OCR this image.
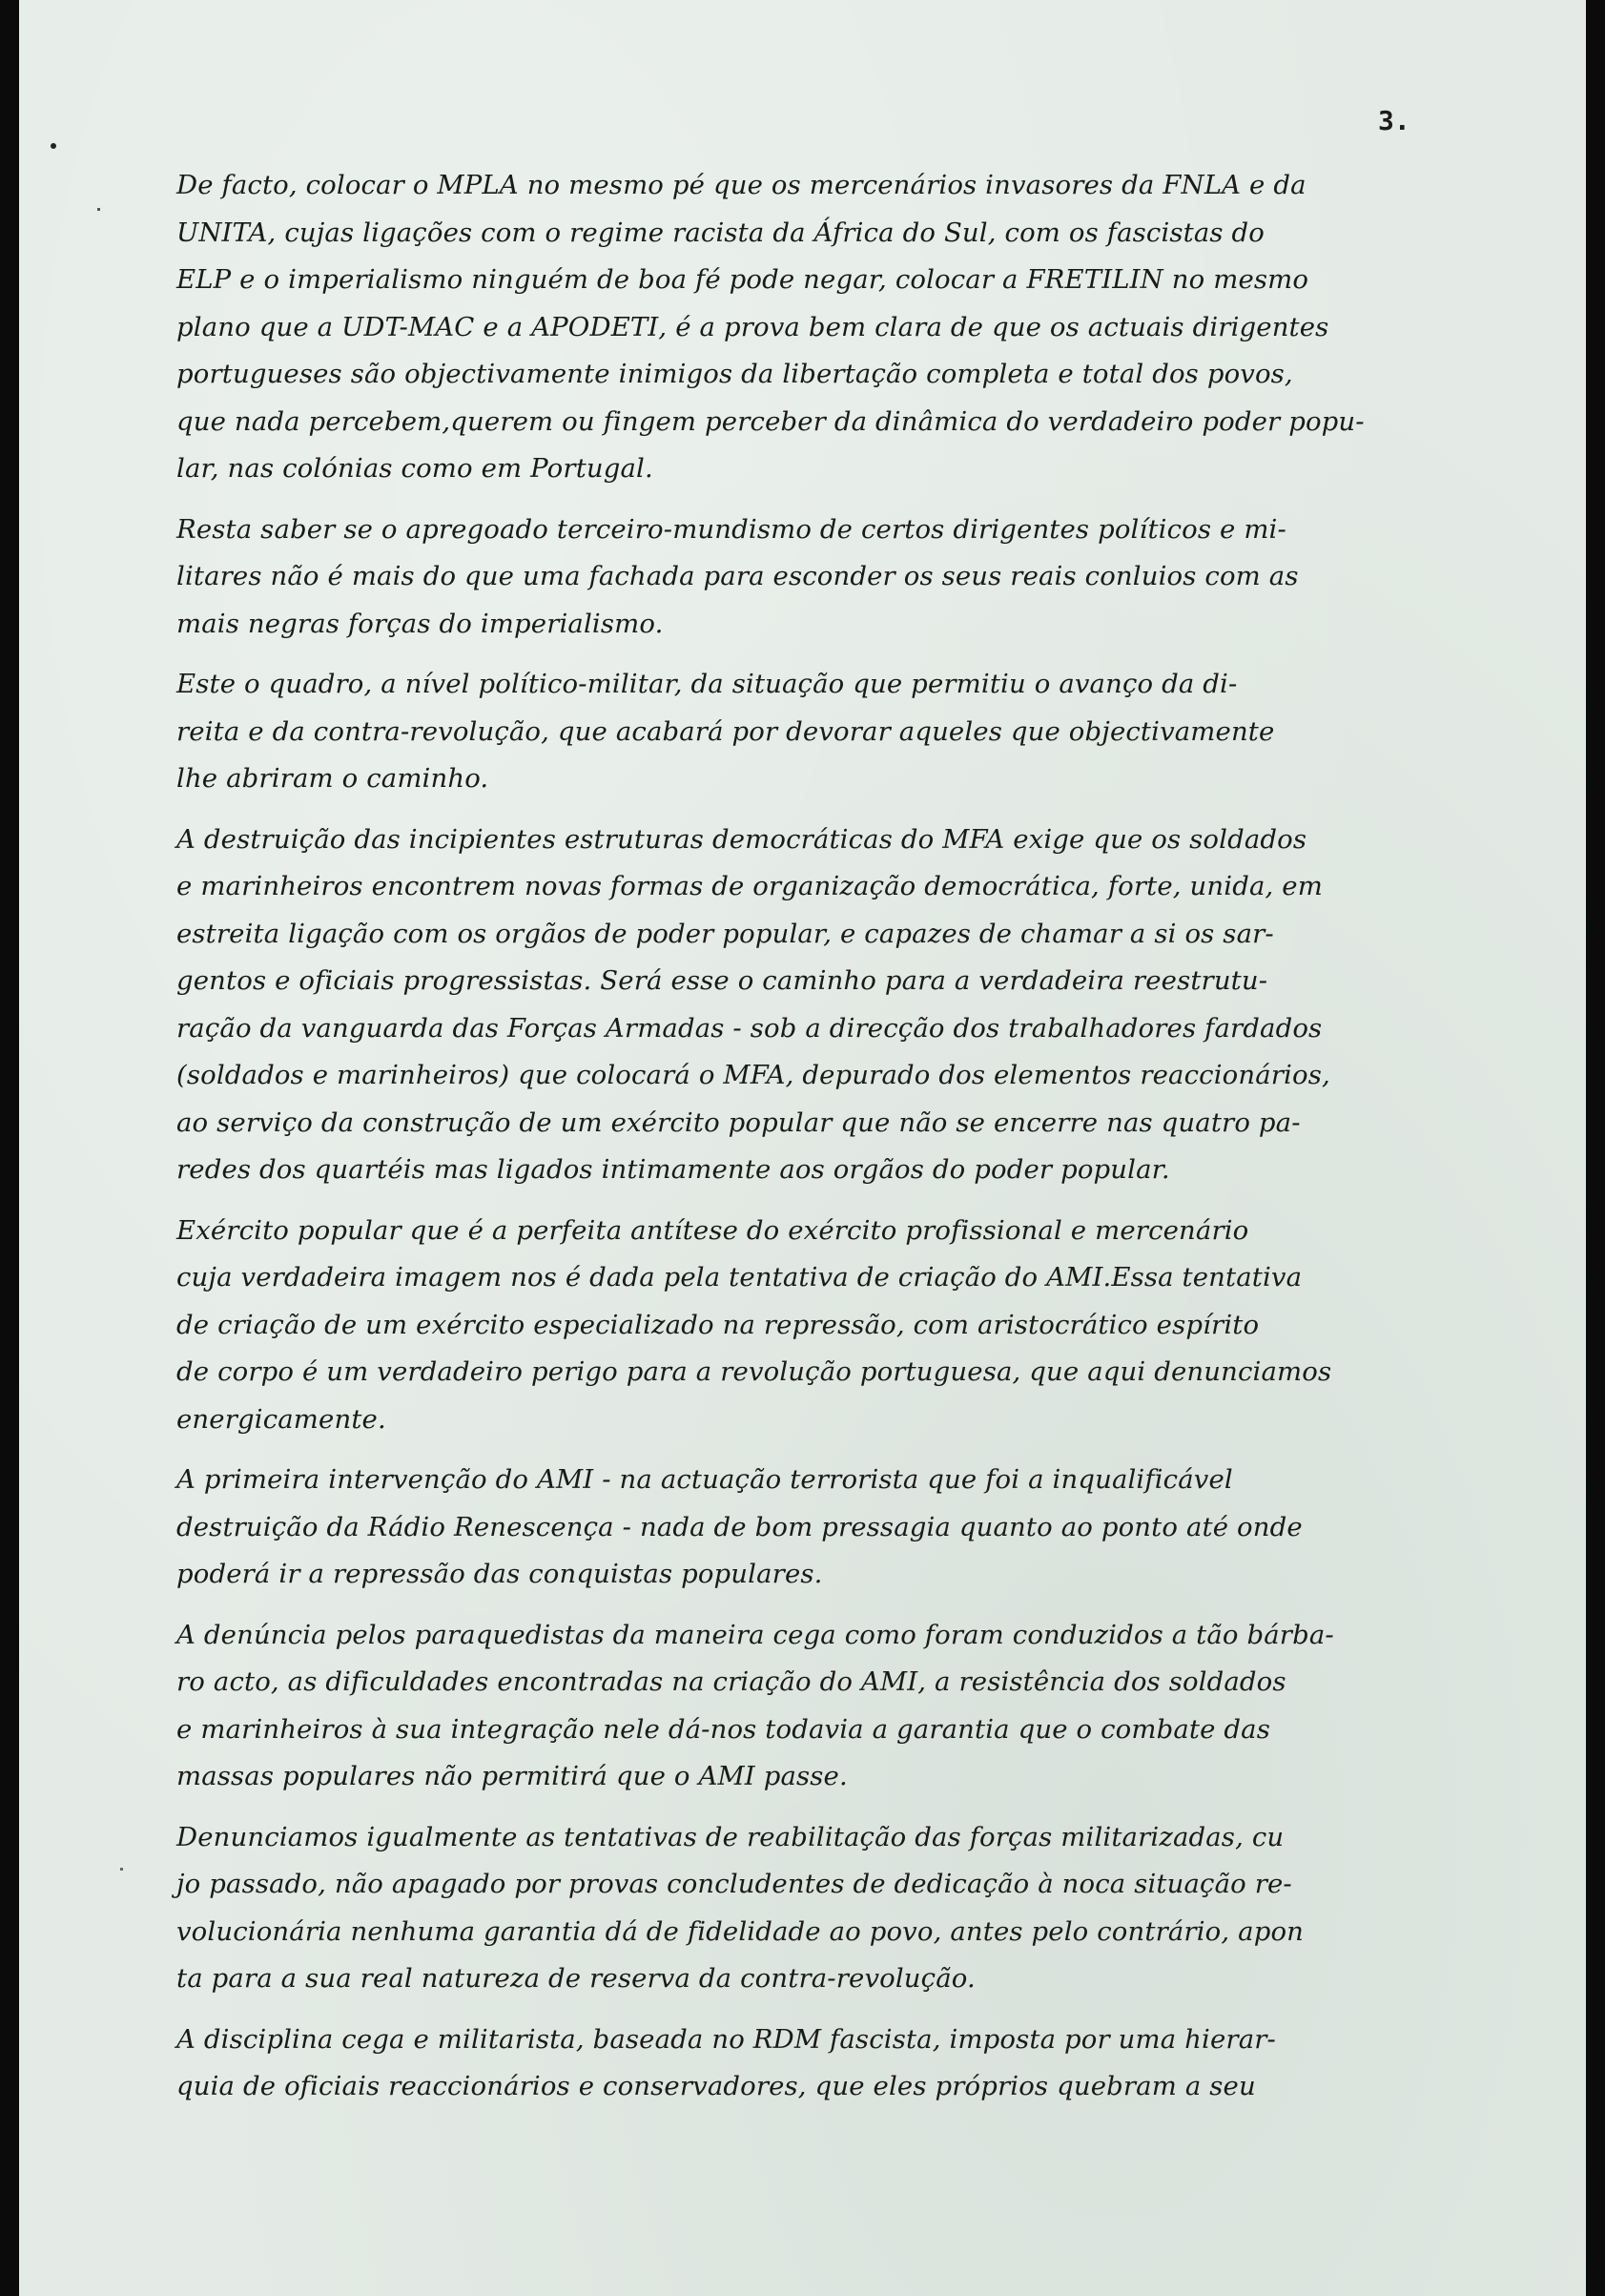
3.
De facto, colocar o MPLA no mesmo pé que os mercenários invasores da FNLA e da
UNITA, cujas ligações com o regime racista da África do Sul, com os fascistas do
ELP e o imperialismo ninguém de boa fé pode negar, colocar a FRETILIN no mesmo
plano que a UDT-MAC e a APODETI, é a prova bem clara de que os actuais dirigentes
portugueses são objectivamente inimigos da libertação completa e total dos povos,
que nada percebem,querem ou fingem perceber da dinâmica do verdadeiro poder popu-
lar, nas colónias como em Portugal.
Resta saber se o apregoado terceiro-mundismo de certos dirigentes políticos e mi-
litares não é mais do que uma fachada para esconder os seus reais conluios com as
mais negras forças do imperialismo.
Este o quadro, a nível político-militar, da situação que permitiu o avanço da di-
reita e da contra-revolução, que acabará por devorar aqueles que objectivamente
lhe abriram o caminho.
A destruição das incipientes estruturas democráticas do MFA exige que os soldados
e marinheiros encontrem novas formas de organização democrática, forte, unida, em
estreita ligação com os orgãos de poder popular, e capazes de chamar a si os sar-
gentos e oficiais progressistas. Será esse o caminho para a verdadeira reestrutu-
ração da vanguarda das Forças Armadas - sob a direcção dos trabalhadores fardados
(soldados e marinheiros) que colocará o MFA, depurado dos elementos reaccionários,
ao serviço da construção de um exército popular que não se encerre nas quatro pa-
redes dos quartéis mas ligados intimamente aos orgãos do poder popular.
Exército popular que é a perfeita antítese do exército profissional e mercenário
cuja verdadeira imagem nos é dada pela tentativa de criação do AMI.Essa tentativa
de criação de um exército especializado na repressão, com aristocrático espírito
de corpo é um verdadeiro perigo para a revolução portuguesa, que aqui denunciamos
energicamente.
A primeira intervenção do AMI - na actuação terrorista que foi a inqualificável
destruição da Rádio Renescença - nada de bom pressagia quanto ao ponto até onde
poderá ir a repressão das conquistas populares.
A denúncia pelos paraquedistas da maneira cega como foram conduzidos a tão bárba-
ro acto, as dificuldades encontradas na criação do AMI, a resistência dos soldados
e marinheiros à sua integração nele dá-nos todavia a garantia que o combate das
massas populares não permitirá que o AMI passe.
Denunciamos igualmente as tentativas de reabilitação das forças militarizadas, cu
jo passado, não apagado por provas concludentes de dedicação à noca situação re-
volucionária nenhuma garantia dá de fidelidade ao povo, antes pelo contrário, apon
ta para a sua real natureza de reserva da contra-revolução.
A disciplina cega e militarista, baseada no RDM fascista, imposta por uma hierar-
quia de oficiais reaccionários e conservadores, que eles próprios quebram a seu
